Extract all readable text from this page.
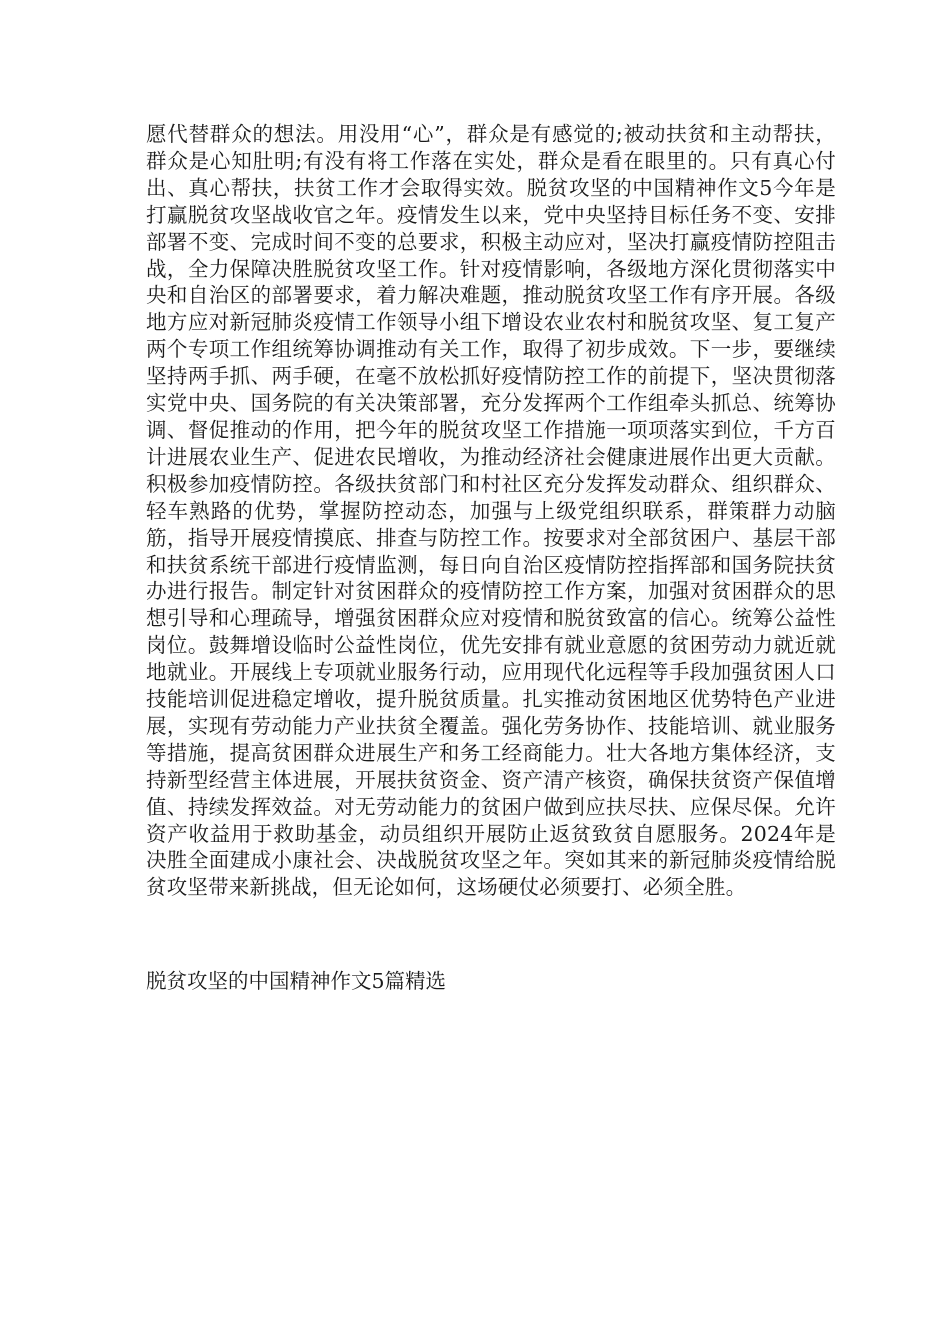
愿代替群众的想法。用没用“心”，群众是有感觉的;被动扶贫和主动帮扶，群众是心知肚明;有没有将工作落在实处，群众是看在眼里的。只有真心付出、真心帮扶，扶贫工作才会取得实效。脱贫攻坚的中国精神作文5今年是打赢脱贫攻坚战收官之年。疫情发生以来，党中央坚持目标任务不变、安排部署不变、完成时间不变的总要求，积极主动应对，坚决打赢疫情防控阻击战，全力保障决胜脱贫攻坚工作。针对疫情影响，各级地方深化贯彻落实中央和自治区的部署要求，着力解决难题，推动脱贫攻坚工作有序开展。各级地方应对新冠肺炎疫情工作领导小组下增设农业农村和脱贫攻坚、复工复产两个专项工作组统筹协调推动有关工作，取得了初步成效。下一步，要继续坚持两手抓、两手硬，在毫不放松抓好疫情防控工作的前提下，坚决贯彻落实党中央、国务院的有关决策部署，充分发挥两个工作组牵头抓总、统筹协调、督促推动的作用，把今年的脱贫攻坚工作措施一项项落实到位，千方百计进展农业生产、促进农民增收，为推动经济社会健康进展作出更大贡献。积极参加疫情防控。各级扶贫部门和村社区充分发挥发动群众、组织群众、轻车熟路的优势，掌握防控动态，加强与上级党组织联系，群策群力动脑筋，指导开展疫情摸底、排查与防控工作。按要求对全部贫困户、基层干部和扶贫系统干部进行疫情监测，每日向自治区疫情防控指挥部和国务院扶贫办进行报告。制定针对贫困群众的疫情防控工作方案，加强对贫困群众的思想引导和心理疏导，增强贫困群众应对疫情和脱贫致富的信心。统筹公益性岗位。鼓舞增设临时公益性岗位，优先安排有就业意愿的贫困劳动力就近就地就业。开展线上专项就业服务行动，应用现代化远程等手段加强贫困人口技能培训促进稳定增收，提升脱贫质量。扎实推动贫困地区优势特色产业进展，实现有劳动能力产业扶贫全覆盖。强化劳务协作、技能培训、就业服务等措施，提高贫困群众进展生产和务工经商能力。壮大各地方集体经济，支持新型经营主体进展，开展扶贫资金、资产清产核资，确保扶贫资产保值增值、持续发挥效益。对无劳动能力的贫困户做到应扶尽扶、应保尽保。允许资产收益用于救助基金，动员组织开展防止返贫致贫自愿服务。2024年是决胜全面建成小康社会、决战脱贫攻坚之年。突如其来的新冠肺炎疫情给脱贫攻坚带来新挑战，但无论如何，这场硬仗必须要打、必须全胜。

脱贫攻坚的中国精神作文5篇精选
